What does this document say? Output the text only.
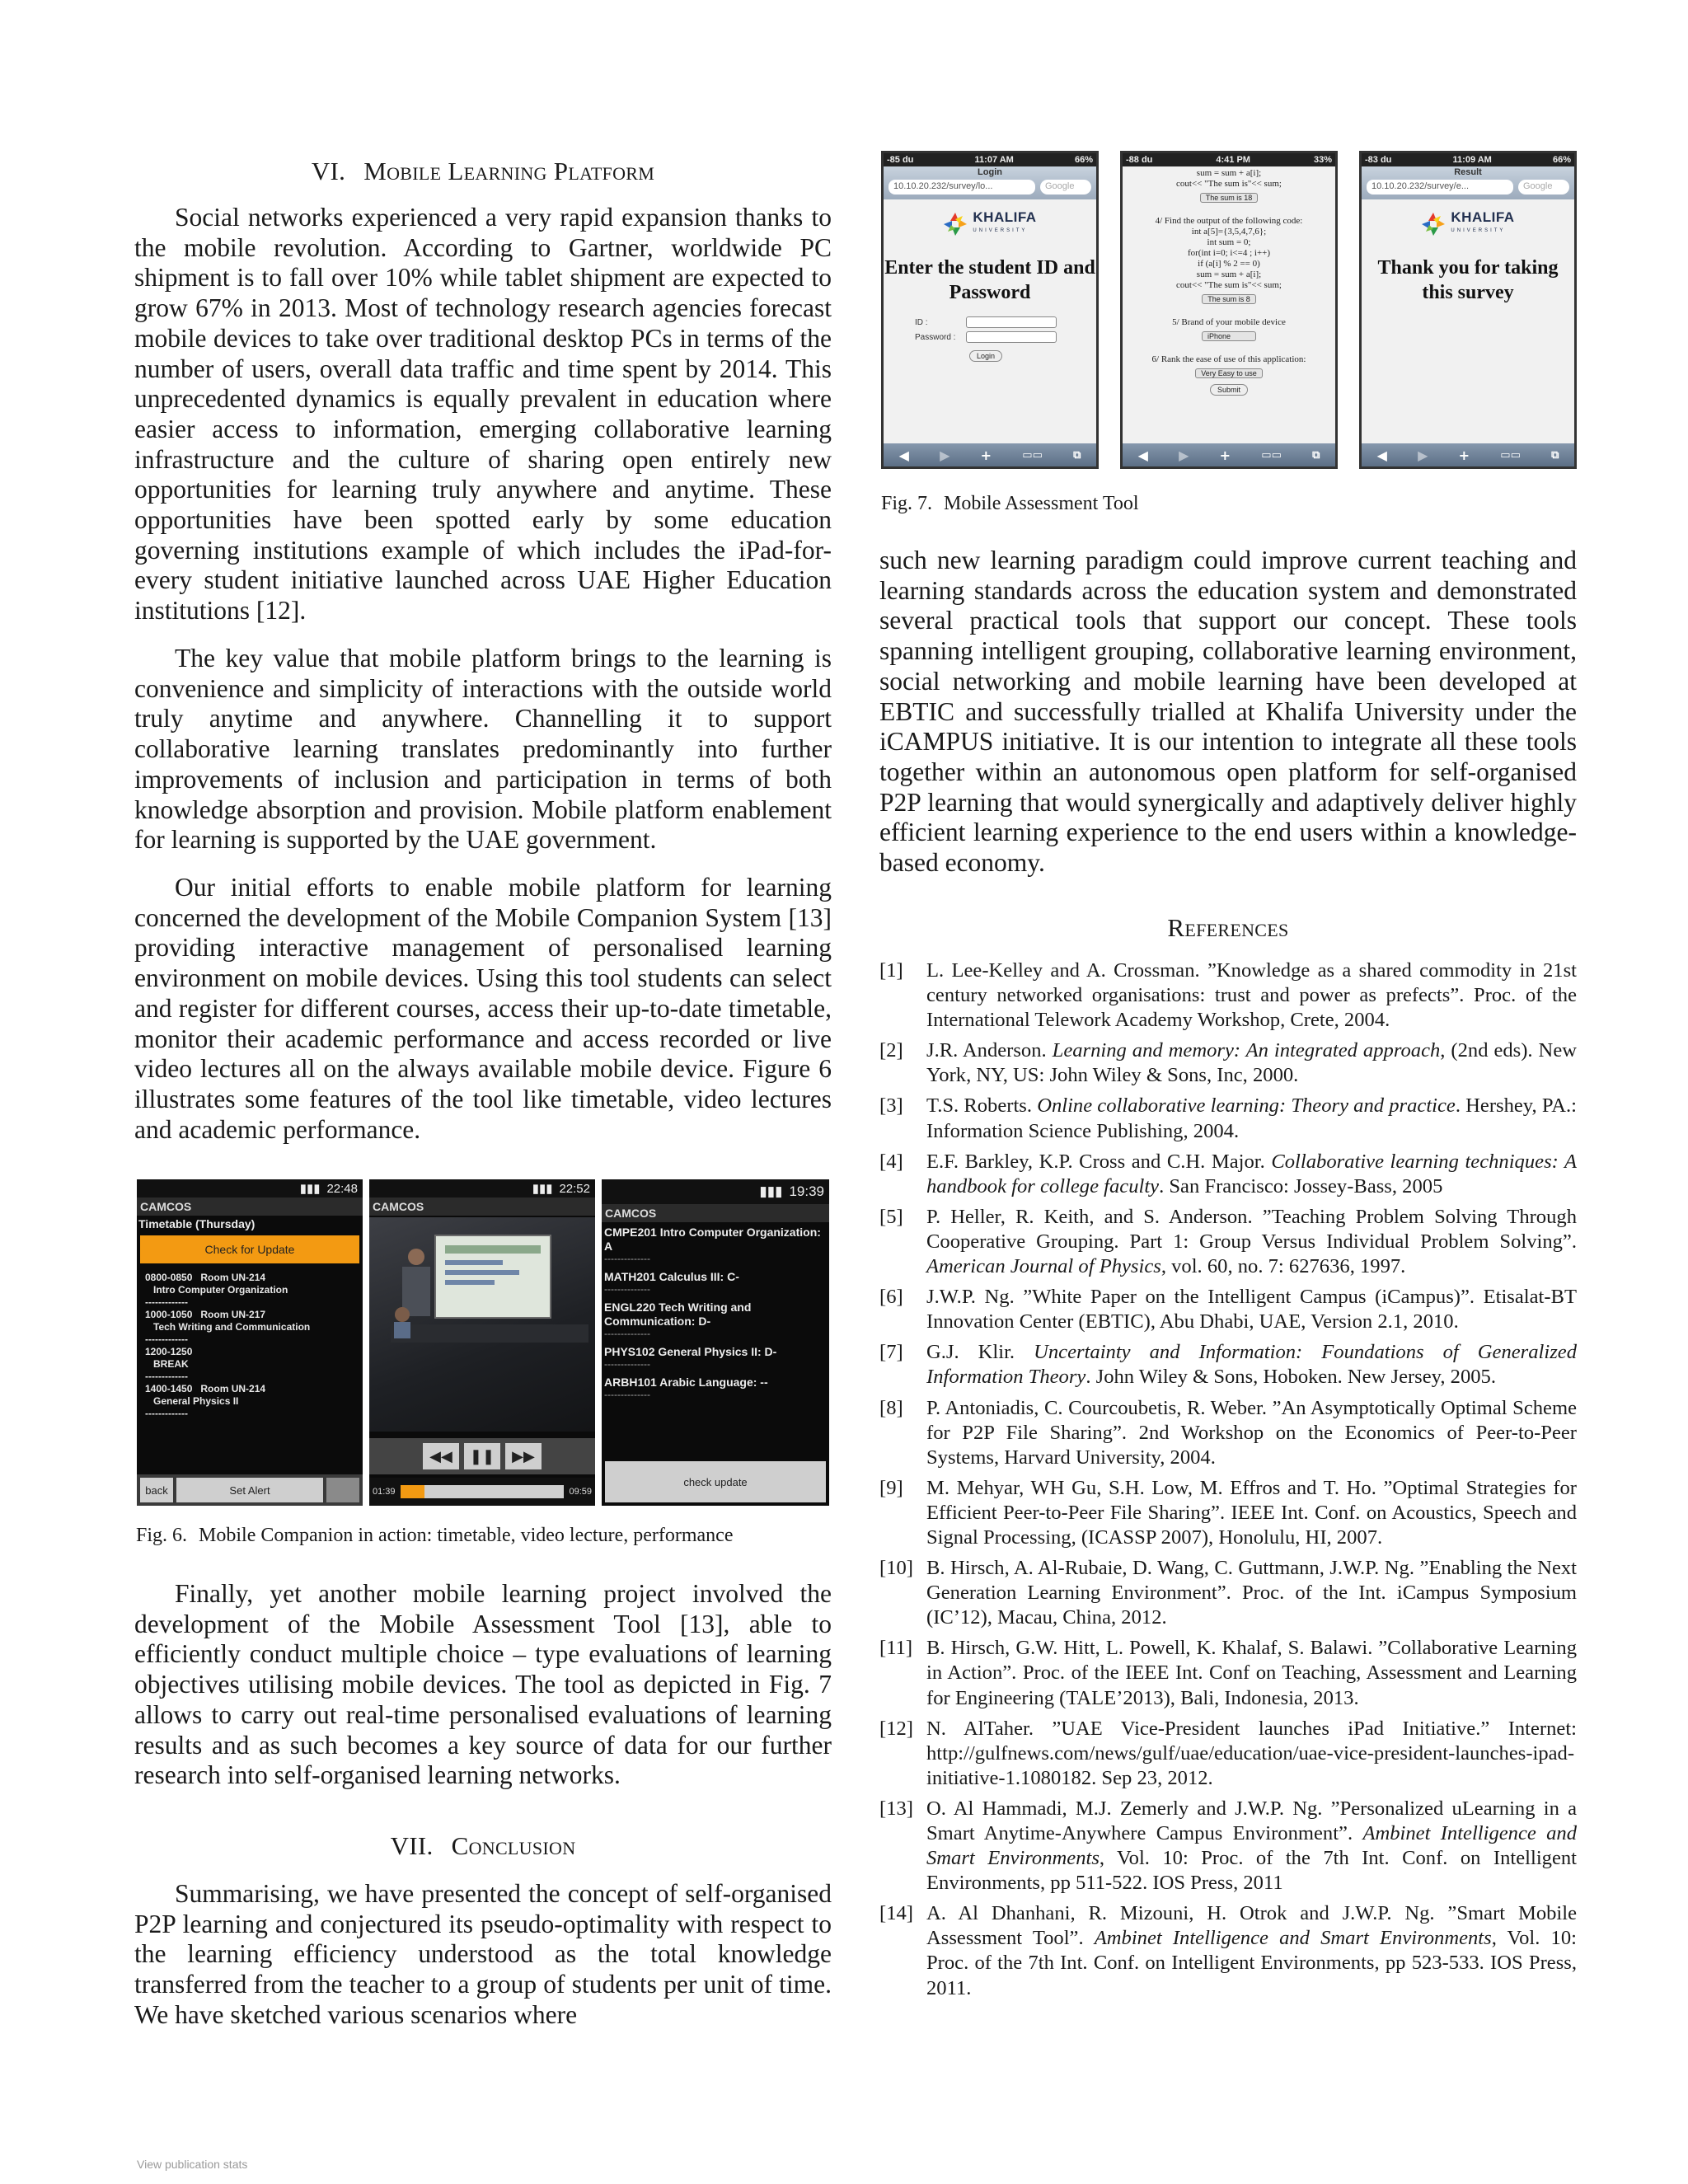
VI. Mobile Learning Platform

Social networks experienced a very rapid expansion thanks to the mobile revolution. According to Gartner, worldwide PC shipment is to fall over 10% while tablet shipment are expected to grow 67% in 2013. Most of technology research agencies forecast mobile devices to take over traditional desktop PCs in terms of the number of users, overall data traffic and time spent by 2014. This unprecedented dynamics is equally prevalent in education where easier access to information, emerging collaborative learning infrastructure and the culture of sharing open entirely new opportunities for learning truly anywhere and anytime. These opportunities have been spotted early by some education governing institutions example of which includes the iPad-for-every student initiative launched across UAE Higher Education institutions [12].

The key value that mobile platform brings to the learning is convenience and simplicity of interactions with the outside world truly anytime and anywhere. Channelling it to support collaborative learning translates predominantly into further improvements of inclusion and participation in terms of both knowledge absorption and provision. Mobile platform enablement for learning is supported by the UAE government.

Our initial efforts to enable mobile platform for learning concerned the development of the Mobile Companion System [13] providing interactive management of personalised learning environment on mobile devices. Using this tool students can select and register for different courses, access their up-to-date timetable, monitor their academic performance and access recorded or live video lectures all on the always available mobile device. Figure 6 illustrates some features of the tool like timetable, video lectures and academic performance.

▮▮▮ 22:48
CAMCOS
Timetable (Thursday)
Check for Update
0800-0850   Room UN-214
Intro Computer Organization
-------------
1000-1050   Room UN-217
Tech Writing and Communication
-------------
1200-1250
BREAK
-------------
1400-1450   Room UN-214
General Physics II
-------------
back	Set Alert
▮▮▮ 22:52
CAMCOS
◀◀	❚❚	▶▶
01:39	09:59
▮▮▮ 19:39
CAMCOS
CMPE201 Intro Computer Organization: A
--------------
MATH201 Calculus III: C-
--------------
ENGL220 Tech Writing and Communication: D-
--------------
PHYS102 General Physics II: D-
--------------
ARBH101 Arabic Language: --
--------------
check update
Fig. 6. Mobile Companion in action: timetable, video lecture, performance

Finally, yet another mobile learning project involved the development of the Mobile Assessment Tool [13], able to efficiently conduct multiple choice – type evaluations of learning objectives utilising mobile devices. The tool as depicted in Fig. 7 allows to carry out real-time personalised evaluations of learning results and as such becomes a key source of data for our further research into self-organised learning networks.

VII. Conclusion

Summarising, we have presented the concept of self-organised P2P learning and conjectured its pseudo-optimality with respect to the learning efficiency understood as the total knowledge transferred from the teacher to a group of students per unit of time. We have sketched various scenarios where

-85 du	11:07 AM	66%
Login
10.10.20.232/survey/lo...	Google
KHALIFA
UNIVERSITY
Enter the student ID and Password
ID :
Password :
Login
◀ ▶ +	▭▭	⧉
-88 du	4:41 PM	33%
sum = sum + a[i];
cout<< "The sum is"<< sum;
The sum is 18
4/ Find the output of the following code:
int a[5]={3,5,4,7,6};
int sum = 0;
for(int i=0; i<=4 ; i++)
if (a[i] % 2 == 0)
sum = sum + a[i];
cout<< "The sum is"<< sum;
The sum is 8
5/ Brand of your mobile device
iPhone
6/ Rank the ease of use of this application:
Very Easy to use
Submit
◀ ▶ +	▭▭	⧉
-83 du	11:09 AM	66%
Result
10.10.20.232/survey/e...	Google
KHALIFA
UNIVERSITY
Thank you for taking this survey
◀ ▶ +	▭▭	⧉
Fig. 7. Mobile Assessment Tool

such new learning paradigm could improve current teaching and learning standards across the education system and demonstrated several practical tools that support our concept. These tools spanning intelligent grouping, collaborative learning environment, social networking and mobile learning have been developed at EBTIC and successfully trialled at Khalifa University under the iCAMPUS initiative. It is our intention to integrate all these tools together within an autonomous open platform for self-organised P2P learning that would synergically and adaptively deliver highly efficient learning experience to the end users within a knowledge-based economy.

References
[1] L. Lee-Kelley and A. Crossman. ”Knowledge as a shared commodity in 21st century networked organisations: trust and power as prefects”. Proc. of the International Telework Academy Workshop, Crete, 2004.
[2] J.R. Anderson. Learning and memory: An integrated approach, (2nd eds). New York, NY, US: John Wiley & Sons, Inc, 2000.
[3] T.S. Roberts. Online collaborative learning: Theory and practice. Hershey, PA.: Information Science Publishing, 2004.
[4] E.F. Barkley, K.P. Cross and C.H. Major. Collaborative learning techniques: A handbook for college faculty. San Francisco: Jossey-Bass, 2005
[5] P. Heller, R. Keith, and S. Anderson. ”Teaching Problem Solving Through Cooperative Grouping. Part 1: Group Versus Individual Problem Solving”. American Journal of Physics, vol. 60, no. 7: 627636, 1997.
[6] J.W.P. Ng. ”White Paper on the Intelligent Campus (iCampus)”. Etisalat-BT Innovation Center (EBTIC), Abu Dhabi, UAE, Version 2.1, 2010.
[7] G.J. Klir. Uncertainty and Information: Foundations of Generalized Information Theory. John Wiley & Sons, Hoboken. New Jersey, 2005.
[8] P. Antoniadis, C. Courcoubetis, R. Weber. ”An Asymptotically Optimal Scheme for P2P File Sharing”. 2nd Workshop on the Economics of Peer-to-Peer Systems, Harvard University, 2004.
[9] M. Mehyar, WH Gu, S.H. Low, M. Effros and T. Ho. ”Optimal Strategies for Efficient Peer-to-Peer File Sharing”. IEEE Int. Conf. on Acoustics, Speech and Signal Processing, (ICASSP 2007), Honolulu, HI, 2007.
[10] B. Hirsch, A. Al-Rubaie, D. Wang, C. Guttmann, J.W.P. Ng. ”Enabling the Next Generation Learning Environment”. Proc. of the Int. iCampus Symposium (IC’12), Macau, China, 2012.
[11] B. Hirsch, G.W. Hitt, L. Powell, K. Khalaf, S. Balawi. ”Collaborative Learning in Action”. Proc. of the IEEE Int. Conf on Teaching, Assessment and Learning for Engineering (TALE’2013), Bali, Indonesia, 2013.
[12] N. AlTaher. ”UAE Vice-President launches iPad Initiative.” Internet: http://gulfnews.com/news/gulf/uae/education/uae-vice-president-launches-ipad-initiative-1.1080182. Sep 23, 2012.
[13] O. Al Hammadi, M.J. Zemerly and J.W.P. Ng. ”Personalized uLearning in a Smart Anytime-Anywhere Campus Environment”. Ambinet Intelligence and Smart Environments, Vol. 10: Proc. of the 7th Int. Conf. on Intelligent Environments, pp 511-522. IOS Press, 2011
[14] A. Al Dhanhani, R. Mizouni, H. Otrok and J.W.P. Ng. ”Smart Mobile Assessment Tool”. Ambinet Intelligence and Smart Environments, Vol. 10: Proc. of the 7th Int. Conf. on Intelligent Environments, pp 523-533. IOS Press, 2011.
View publication stats
